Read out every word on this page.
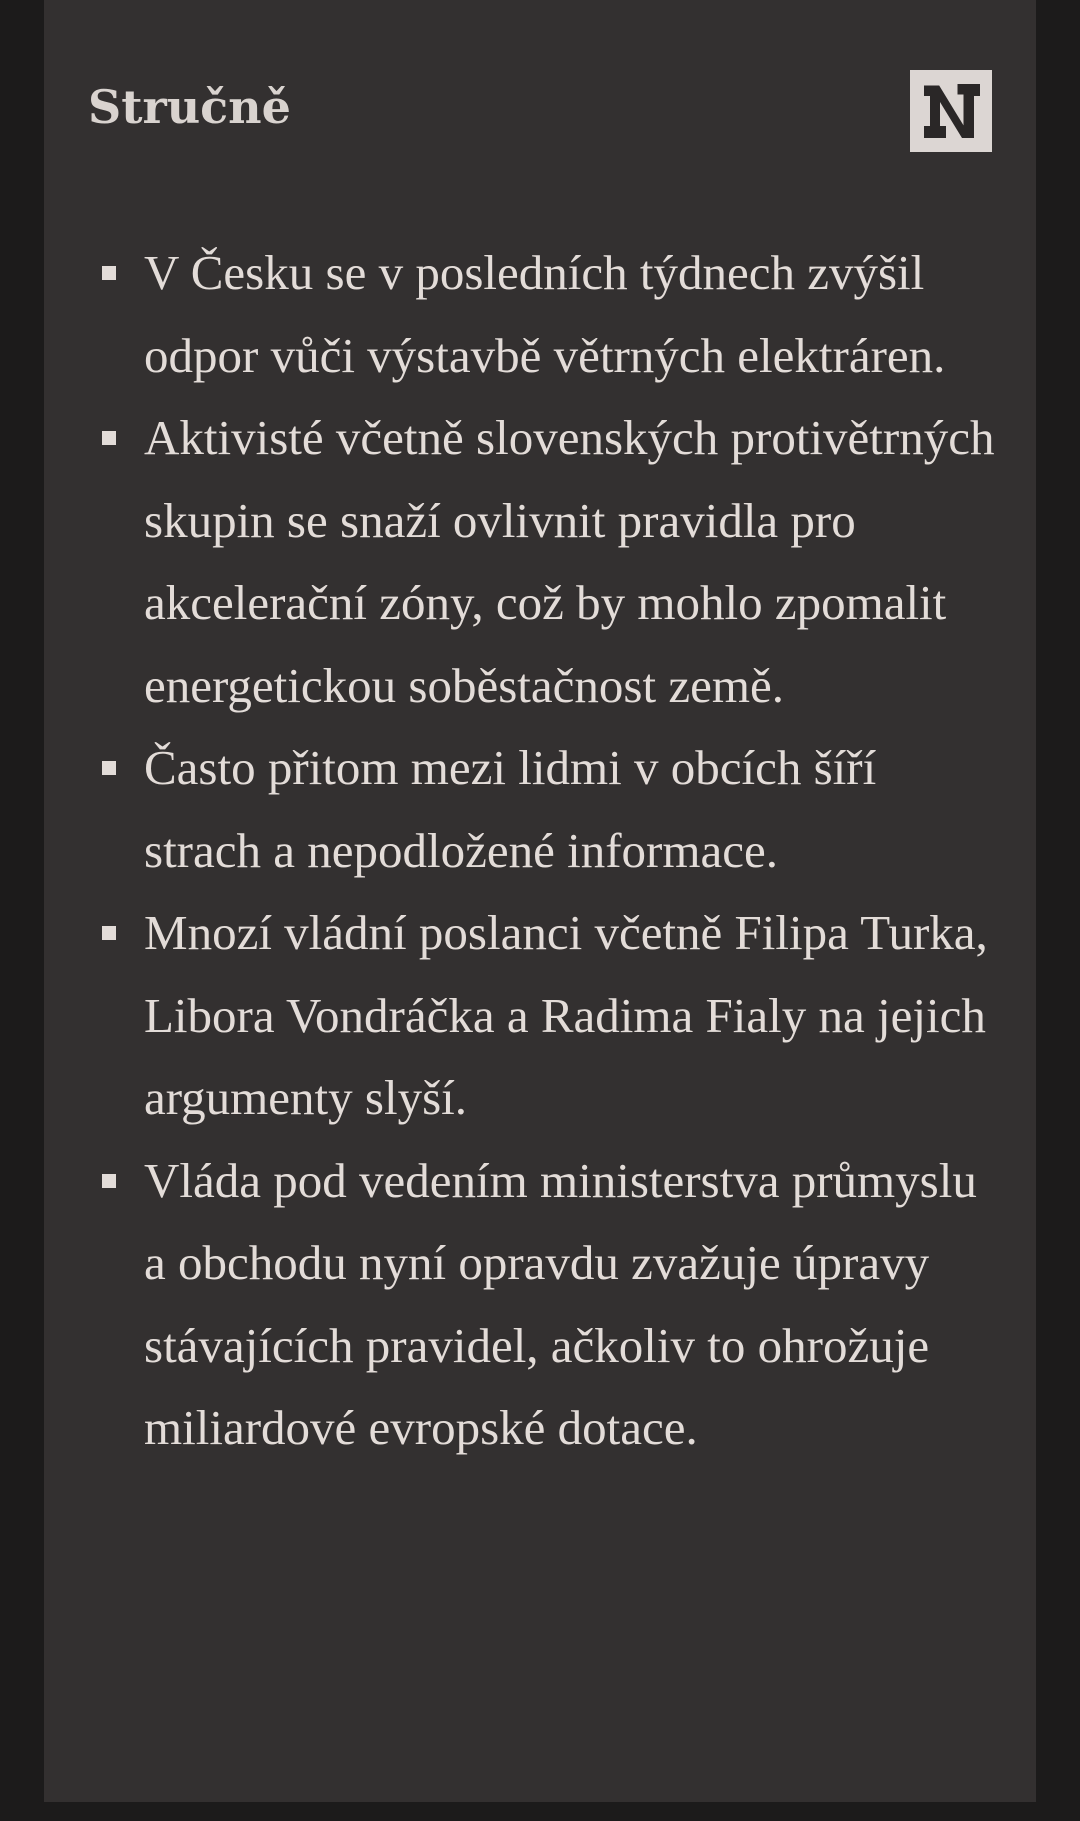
Stručně
V Česku se v posledních týdnech zvýšil odpor vůči výstavbě větrných elektráren.
Aktivisté včetně slovenských protivětrných skupin se snaží ovlivnit pravidla pro akcelerační zóny, což by mohlo zpomalit energetickou soběstačnost země.
Často přitom mezi lidmi v obcích šíří strach a nepodložené informace.
Mnozí vládní poslanci včetně Filipa Turka, Libora Vondráčka a Radima Fialy na jejich argumenty slyší.
Vláda pod vedením ministerstva průmyslu a obchodu nyní opravdu zvažuje úpravy stávajících pravidel, ačkoliv to ohrožuje miliardové evropské dotace.
